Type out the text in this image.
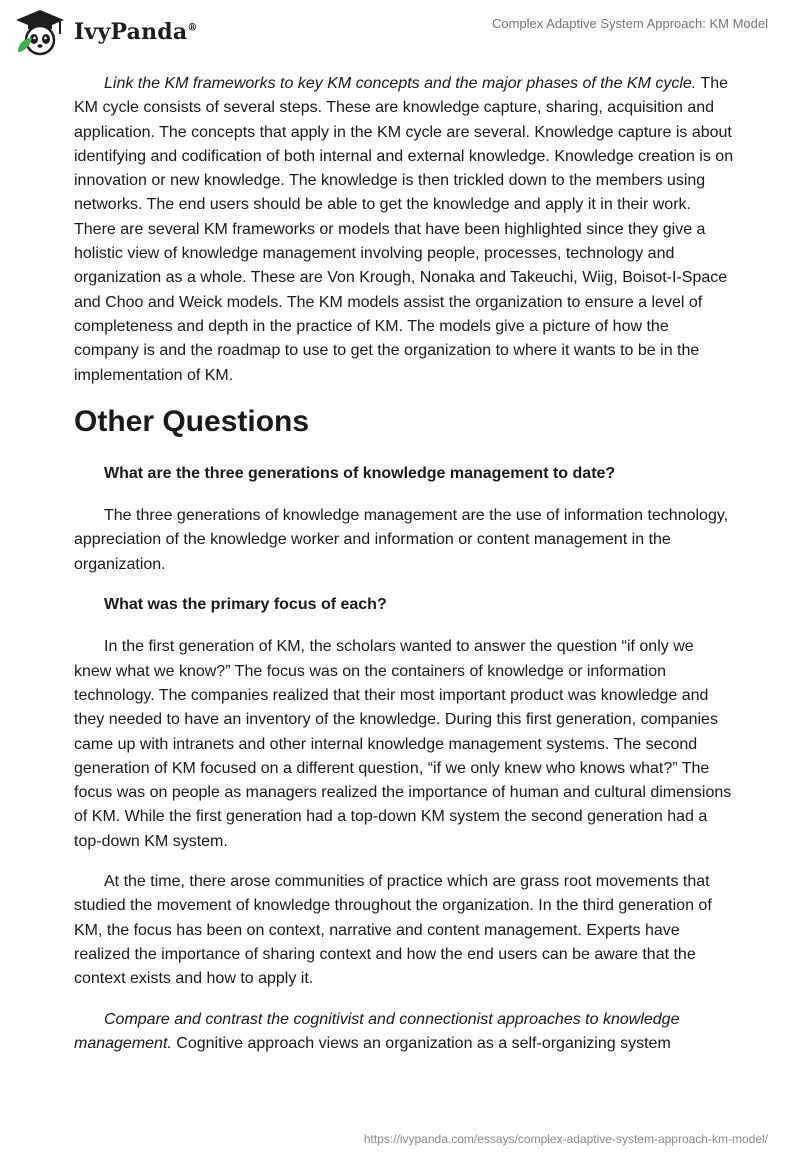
IvyPanda®	Complex Adaptive System Approach: KM Model

Link the KM frameworks to key KM concepts and the major phases of the KM cycle. The KM cycle consists of several steps. These are knowledge capture, sharing, acquisition and application. The concepts that apply in the KM cycle are several. Knowledge capture is about identifying and codification of both internal and external knowledge. Knowledge creation is on innovation or new knowledge. The knowledge is then trickled down to the members using networks. The end users should be able to get the knowledge and apply it in their work. There are several KM frameworks or models that have been highlighted since they give a holistic view of knowledge management involving people, processes, technology and organization as a whole. These are Von Krough, Nonaka and Takeuchi, Wiig, Boisot-I-Space and Choo and Weick models. The KM models assist the organization to ensure a level of completeness and depth in the practice of KM. The models give a picture of how the company is and the roadmap to use to get the organization to where it wants to be in the implementation of KM.

Other Questions

What are the three generations of knowledge management to date?

The three generations of knowledge management are the use of information technology, appreciation of the knowledge worker and information or content management in the organization.

What was the primary focus of each?

In the first generation of KM, the scholars wanted to answer the question “if only we knew what we know?” The focus was on the containers of knowledge or information technology. The companies realized that their most important product was knowledge and they needed to have an inventory of the knowledge. During this first generation, companies came up with intranets and other internal knowledge management systems. The second generation of KM focused on a different question, “if we only knew who knows what?” The focus was on people as managers realized the importance of human and cultural dimensions of KM. While the first generation had a top-down KM system the second generation had a top-down KM system.

At the time, there arose communities of practice which are grass root movements that studied the movement of knowledge throughout the organization. In the third generation of KM, the focus has been on context, narrative and content management. Experts have realized the importance of sharing context and how the end users can be aware that the context exists and how to apply it.

Compare and contrast the cognitivist and connectionist approaches to knowledge management. Cognitive approach views an organization as a self-organizing system

https://ivypanda.com/essays/complex-adaptive-system-approach-km-model/
